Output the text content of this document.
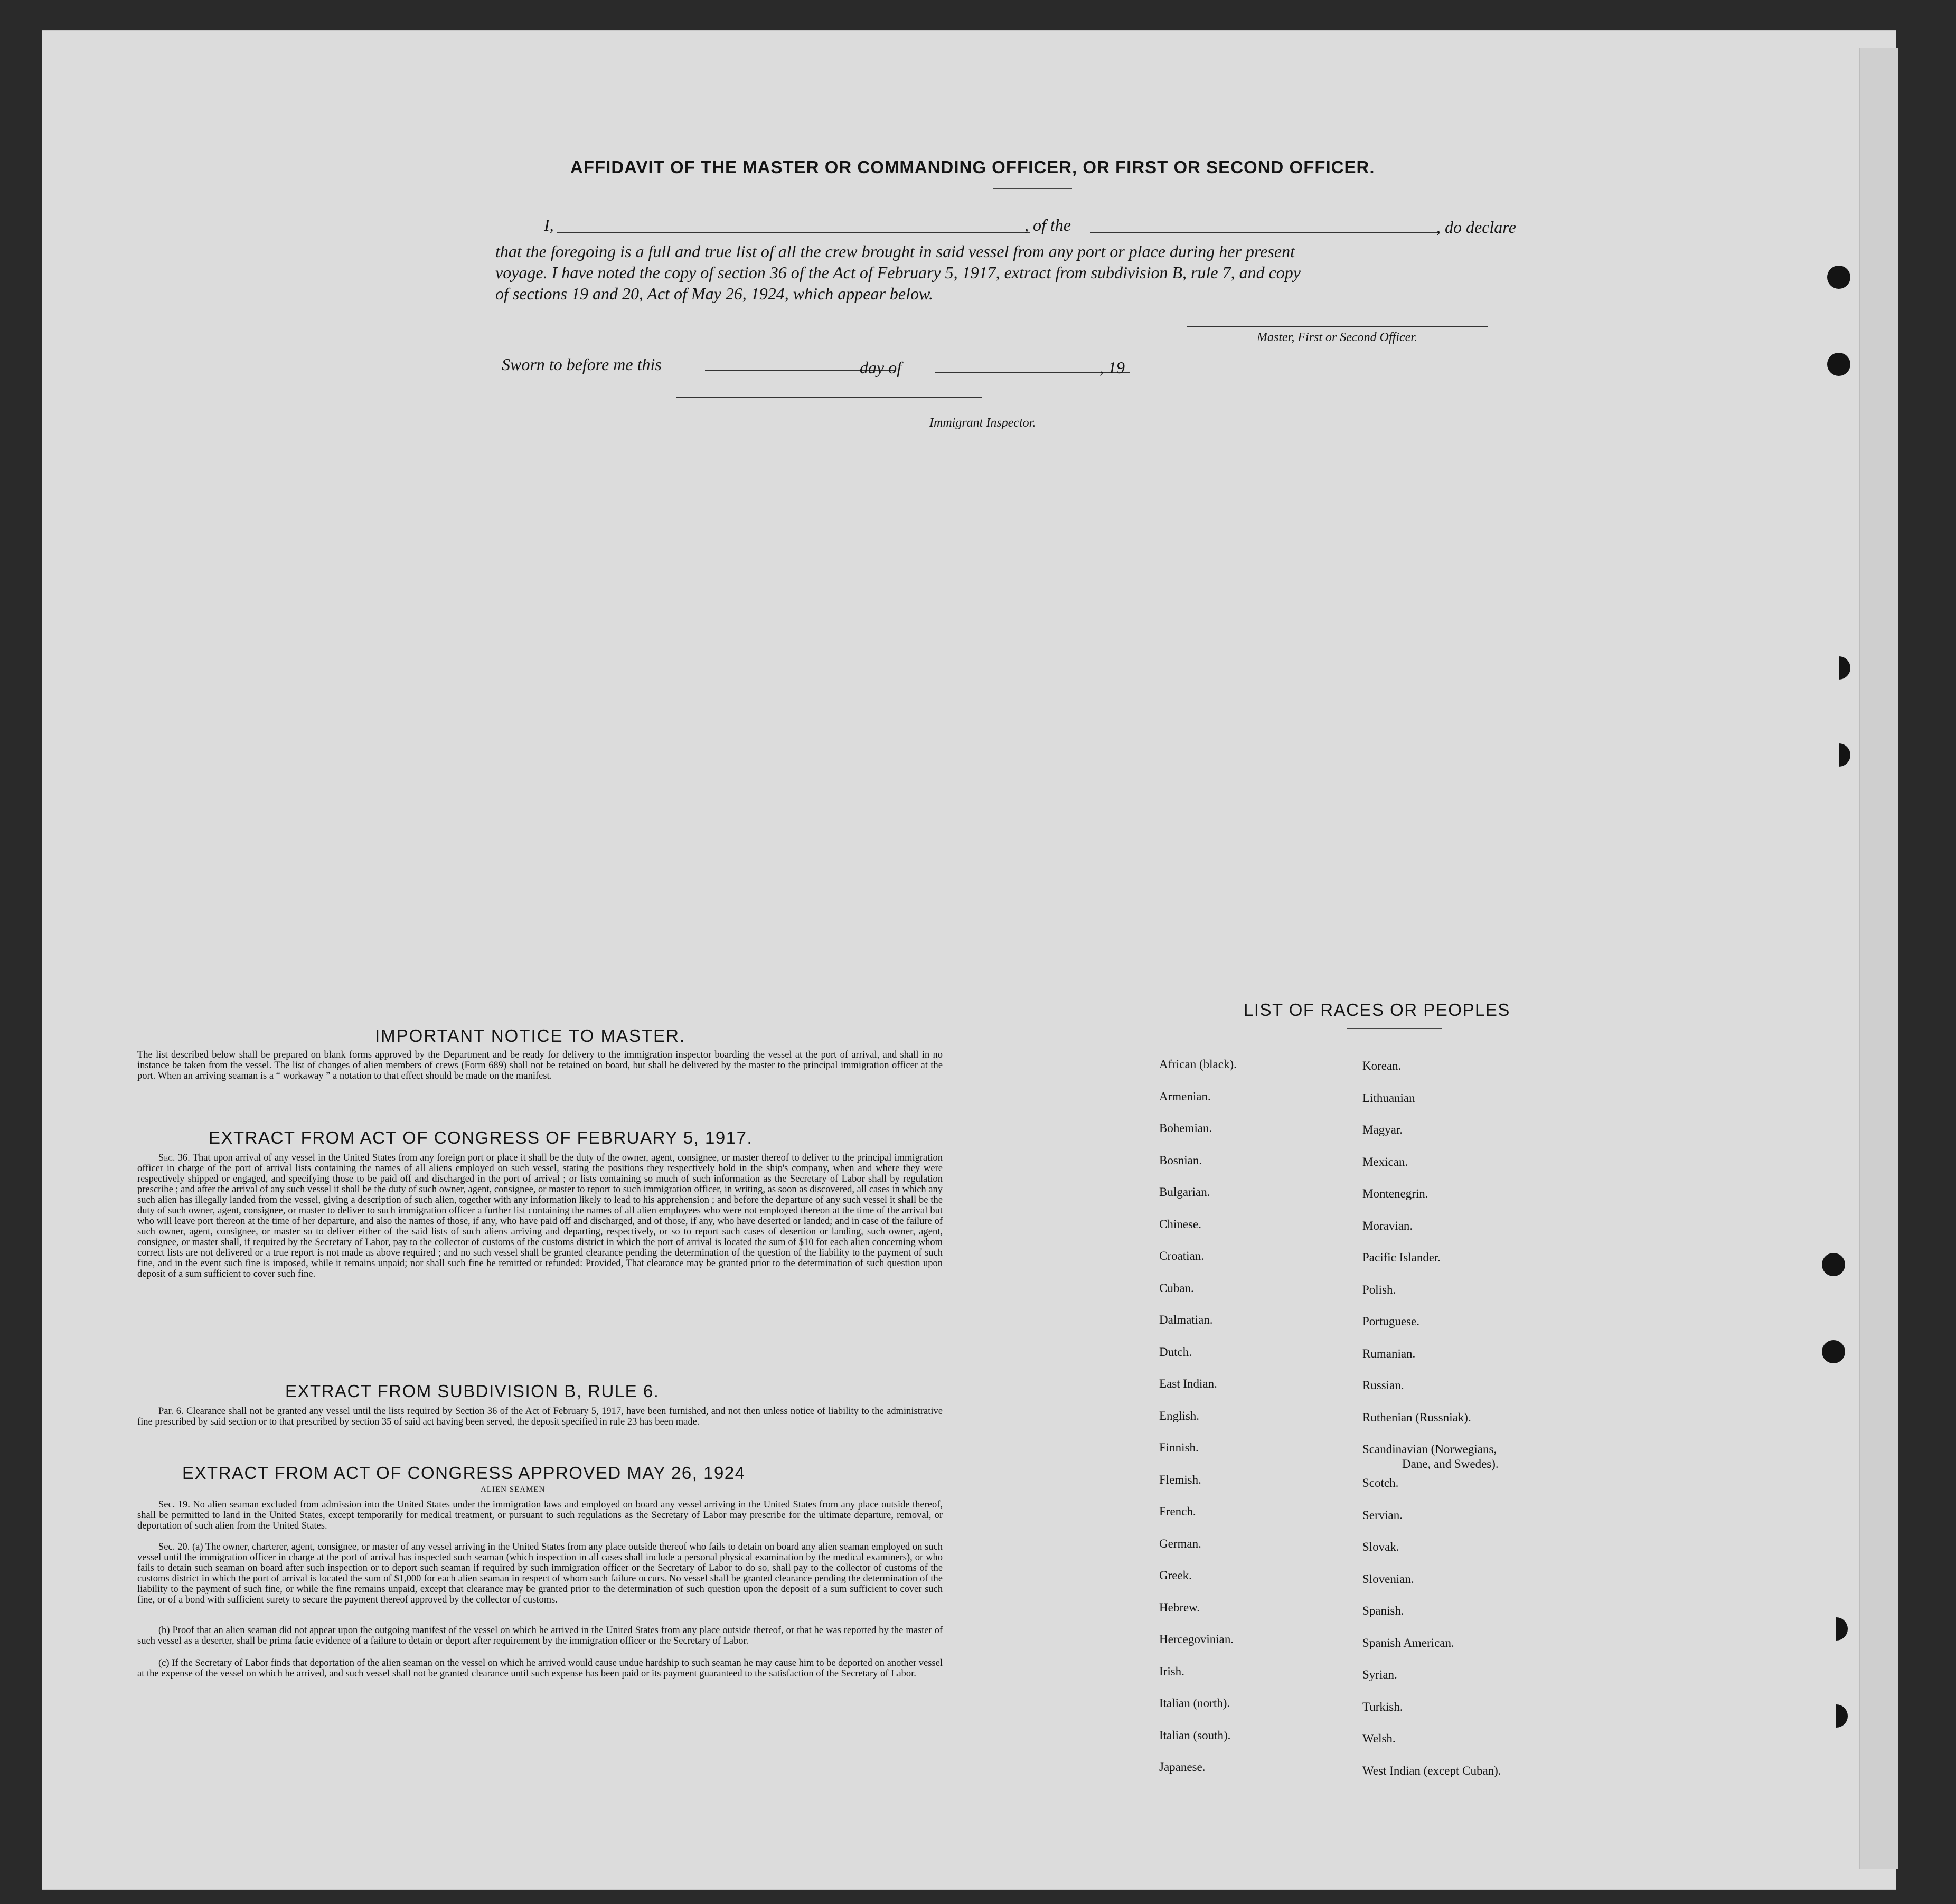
AFFIDAVIT OF THE MASTER OR COMMANDING OFFICER, OR FIRST OR SECOND OFFICER.
I,	, of the	, do declare
that the foregoing is a full and true list of all the crew brought in said vessel from any port or place during her present
voyage. I have noted the copy of section 36 of the Act of February 5, 1917, extract from subdivision B, rule 7, and copy
of sections 19 and 20, Act of May 26, 1924, which appear below.
Master, First or Second Officer.
Sworn to before me this	day of	, 19
Immigrant Inspector.
IMPORTANT NOTICE TO MASTER.
The list described below shall be prepared on blank forms approved by the Department and be ready for delivery to the immigration inspector boarding the vessel at the port of arrival, and shall in no instance be taken from the vessel. The list of changes of alien members of crews (Form 689) shall not be retained on board, but shall be delivered by the master to the principal immigration officer at the port. When an arriving seaman is a “ workaway ” a notation to that effect should be made on the manifest.
EXTRACT FROM ACT OF CONGRESS OF FEBRUARY 5, 1917.
Sec. 36. That upon arrival of any vessel in the United States from any foreign port or place it shall be the duty of the owner, agent, consignee, or master thereof to deliver to the principal immigration officer in charge of the port of arrival lists containing the names of all aliens employed on such vessel, stating the positions they respectively hold in the ship's company, when and where they were respectively shipped or engaged, and specifying those to be paid off and discharged in the port of arrival ; or lists containing so much of such information as the Secretary of Labor shall by regulation prescribe ; and after the arrival of any such vessel it shall be the duty of such owner, agent, consignee, or master to report to such immigration officer, in writing, as soon as discovered, all cases in which any such alien has illegally landed from the vessel, giving a description of such alien, together with any information likely to lead to his apprehension ; and before the departure of any such vessel it shall be the duty of such owner, agent, consignee, or master to deliver to such immigration officer a further list containing the names of all alien employees who were not employed thereon at the time of the arrival but who will leave port thereon at the time of her departure, and also the names of those, if any, who have paid off and discharged, and of those, if any, who have deserted or landed; and in case of the failure of such owner, agent, consignee, or master so to deliver either of the said lists of such aliens arriving and departing, respectively, or so to report such cases of desertion or landing, such owner, agent, consignee, or master shall, if required by the Secretary of Labor, pay to the collector of customs of the customs district in which the port of arrival is located the sum of $10 for each alien concerning whom correct lists are not delivered or a true report is not made as above required ; and no such vessel shall be granted clearance pending the determination of the question of the liability to the payment of such fine, and in the event such fine is imposed, while it remains unpaid; nor shall such fine be remitted or refunded: Provided, That clearance may be granted prior to the determination of such question upon deposit of a sum sufficient to cover such fine.
EXTRACT FROM SUBDIVISION B, RULE 6.
Par. 6. Clearance shall not be granted any vessel until the lists required by Section 36 of the Act of February 5, 1917, have been furnished, and not then unless notice of liability to the administrative fine prescribed by said section or to that prescribed by section 35 of said act having been served, the deposit specified in rule 23 has been made.
EXTRACT FROM ACT OF CONGRESS APPROVED MAY 26, 1924
ALIEN SEAMEN
Sec. 19. No alien seaman excluded from admission into the United States under the immigration laws and employed on board any vessel arriving in the United States from any place outside thereof, shall be permitted to land in the United States, except temporarily for medical treatment, or pursuant to such regulations as the Secretary of Labor may prescribe for the ultimate departure, removal, or deportation of such alien from the United States.
Sec. 20. (a) The owner, charterer, agent, consignee, or master of any vessel arriving in the United States from any place outside thereof who fails to detain on board any alien seaman employed on such vessel until the immigration officer in charge at the port of arrival has inspected such seaman (which inspection in all cases shall include a personal physical examination by the medical examiners), or who fails to detain such seaman on board after such inspection or to deport such seaman if required by such immigration officer or the Secretary of Labor to do so, shall pay to the collector of customs of the customs district in which the port of arrival is located the sum of $1,000 for each alien seaman in respect of whom such failure occurs. No vessel shall be granted clearance pending the determination of the liability to the payment of such fine, or while the fine remains unpaid, except that clearance may be granted prior to the determination of such question upon the deposit of a sum sufficient to cover such fine, or of a bond with sufficient surety to secure the payment thereof approved by the collector of customs.
(b) Proof that an alien seaman did not appear upon the outgoing manifest of the vessel on which he arrived in the United States from any place outside thereof, or that he was reported by the master of such vessel as a deserter, shall be prima facie evidence of a failure to detain or deport after requirement by the immigration officer or the Secretary of Labor.
(c) If the Secretary of Labor finds that deportation of the alien seaman on the vessel on which he arrived would cause undue hardship to such seaman he may cause him to be deported on another vessel at the expense of the vessel on which he arrived, and such vessel shall not be granted clearance until such expense has been paid or its payment guaranteed to the satisfaction of the Secretary of Labor.
LIST OF RACES OR PEOPLES
African (black).
Armenian.
Bohemian.
Bosnian.
Bulgarian.
Chinese.
Croatian.
Cuban.
Dalmatian.
Dutch.
East Indian.
English.
Finnish.
Flemish.
French.
German.
Greek.
Hebrew.
Hercegovinian.
Irish.
Italian (north).
Italian (south).
Japanese.
Korean.
Lithuanian
Magyar.
Mexican.
Montenegrin.
Moravian.
Pacific Islander.
Polish.
Portuguese.
Rumanian.
Russian.
Ruthenian (Russniak).
Scandinavian (Norwegians,
Dane, and Swedes).
Scotch.
Servian.
Slovak.
Slovenian.
Spanish.
Spanish American.
Syrian.
Turkish.
Welsh.
West Indian (except Cuban).
